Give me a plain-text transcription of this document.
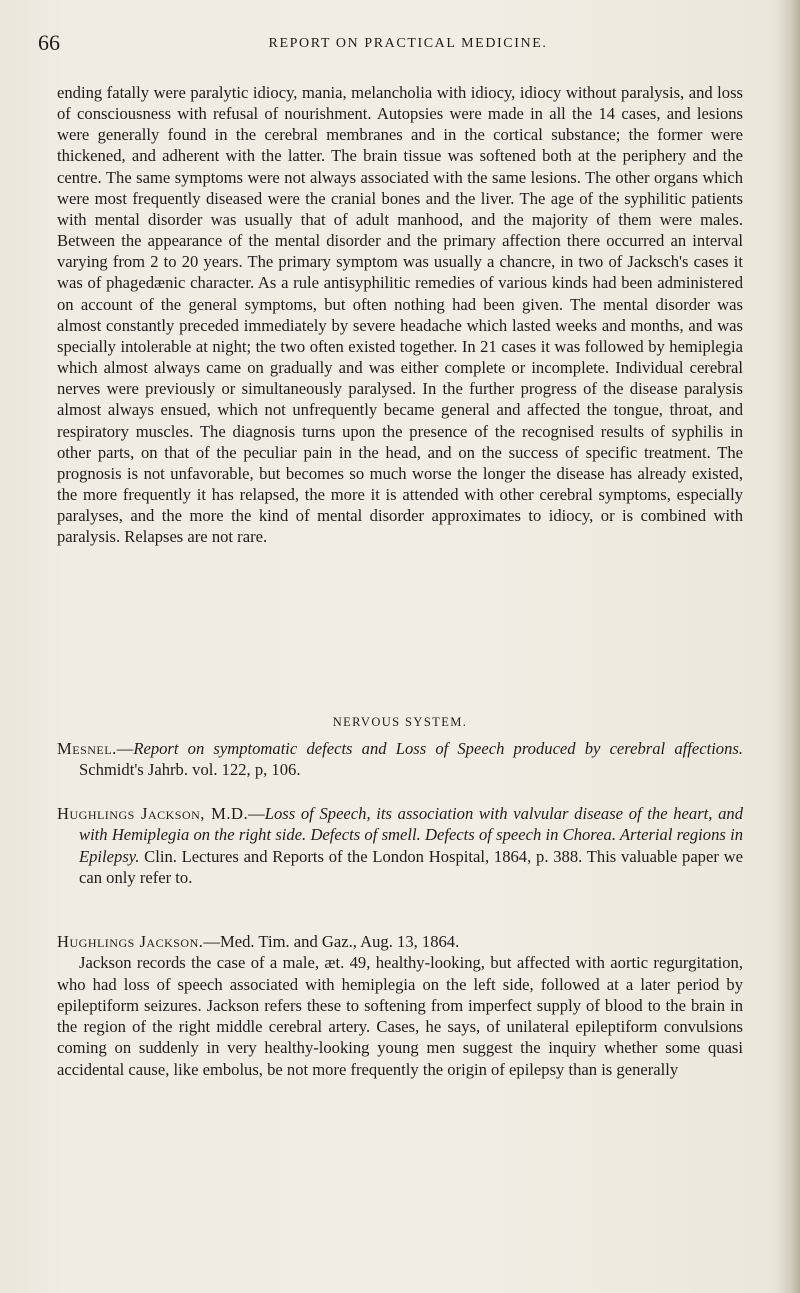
66	REPORT ON PRACTICAL MEDICINE.

ending fatally were paralytic idiocy, mania, melancholia with idiocy, idiocy without paralysis, and loss of consciousness with refusal of nourishment. Autopsies were made in all the 14 cases, and lesions were generally found in the cerebral membranes and in the cortical substance; the former were thickened, and adherent with the latter. The brain tissue was softened both at the periphery and the centre. The same symptoms were not always associated with the same lesions. The other organs which were most frequently diseased were the cranial bones and the liver. The age of the syphilitic patients with mental disorder was usually that of adult manhood, and the majority of them were males. Between the appearance of the mental disorder and the primary affection there occurred an interval varying from 2 to 20 years. The primary symptom was usually a chancre, in two of Jacksch's cases it was of phagedænic character. As a rule antisyphilitic remedies of various kinds had been administered on account of the general symptoms, but often nothing had been given. The mental disorder was almost constantly preceded immediately by severe headache which lasted weeks and months, and was specially intolerable at night; the two often existed together. In 21 cases it was followed by hemiplegia which almost always came on gradually and was either complete or incomplete. Individual cerebral nerves were previously or simultaneously paralysed. In the further progress of the disease paralysis almost always ensued, which not unfrequently became general and affected the tongue, throat, and respiratory muscles. The diagnosis turns upon the presence of the recognised results of syphilis in other parts, on that of the peculiar pain in the head, and on the success of specific treatment. The prognosis is not unfavorable, but becomes so much worse the longer the disease has already existed, the more frequently it has relapsed, the more it is attended with other cerebral symptoms, especially paralyses, and the more the kind of mental disorder approximates to idiocy, or is combined with paralysis. Relapses are not rare.

NERVOUS SYSTEM.

Mesnel.—Report on symptomatic defects and Loss of Speech produced by cerebral affections. Schmidt's Jahrb. vol. 122, p, 106.

Hughlings Jackson, M.D.—Loss of Speech, its association with valvular disease of the heart, and with Hemiplegia on the right side. Defects of smell. Defects of speech in Chorea. Arterial regions in Epilepsy. Clin. Lectures and Reports of the London Hospital, 1864, p. 388. This valuable paper we can only refer to.

Hughlings Jackson.—Med. Tim. and Gaz., Aug. 13, 1864.

Jackson records the case of a male, æt. 49, healthy-looking, but affected with aortic regurgitation, who had loss of speech associated with hemiplegia on the left side, followed at a later period by epileptiform seizures. Jackson refers these to softening from imperfect supply of blood to the brain in the region of the right middle cerebral artery. Cases, he says, of unilateral epileptiform convulsions coming on suddenly in very healthy-looking young men suggest the inquiry whether some quasi accidental cause, like embolus, be not more frequently the origin of epilepsy than is generally
